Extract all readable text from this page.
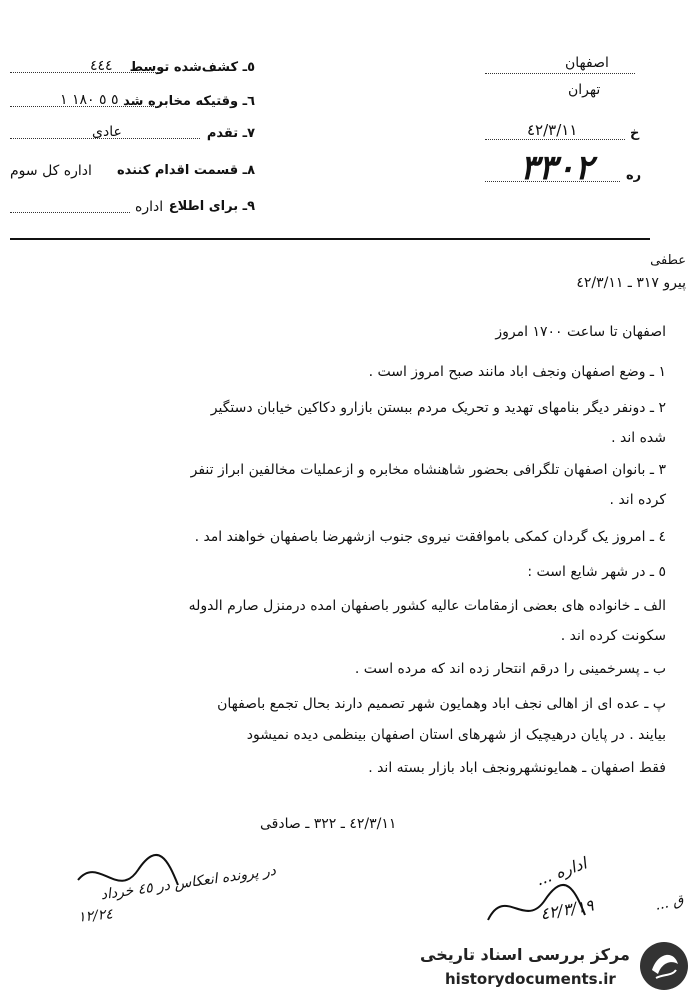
٥ـ کشف‌شده توسط
٤٤٤
٦ـ وقتیکه مخابره شد
٥ ٥ ١٨٠ ١
٧ـ تقدم
عادی
٨ـ قسمت اقدام کننده
اداره کل سوم
٩ـ برای اطلاع
اداره
اصفهان
تهران
خ
٤٢/٣/١١
ره
٣٣٠٢
عطفی
پیرو ٣١٧ ـ ٤٢/٣/١١
اصفهان تا ساعت ١٧٠٠ امروز
١ ـ وضع اصفهان ونجف اباد مانند صبح امروز است .
٢ ـ دونفر دیگر بنامهای تهدید و تحریک مردم ببستن بازارو دکاکین خیابان دستگیر
شده اند .
٣ ـ بانوان اصفهان تلگرافی بحضور شاهنشاه مخابره و ازعملیات مخالفین ابراز تنفر
کرده اند .
٤ ـ امروز یک گردان کمکی باموافقت نیروی جنوب ازشهرضا باصفهان خواهند امد .
٥ ـ در شهر شایع است :
الف ـ خانواده های بعضی ازمقامات عالیه کشور باصفهان امده درمنزل صارم الدوله
سکونت کرده اند .
ب ـ پسرخمینی را درقم انتحار زده اند که مرده است .
پ ـ عده ای از اهالی نجف اباد وهمایون شهر تصمیم دارند بحال تجمع باصفهان
بیایند . در پایان درهیچیک از شهرهای استان اصفهان بینظمی دیده نمیشود
فقط اصفهان ـ همایونشهرونجف اباد بازار بسته اند .
٤٢/٣/١١ ـ ٣٢٢ ـ صادقی
در پرونده انعکاس در ٤٥ خرداد
١٢/٢٤
اداره ...
٤٢/٣/١٩	ق ...
مرکز بررسی اسناد تاریخی
historydocuments.ir
